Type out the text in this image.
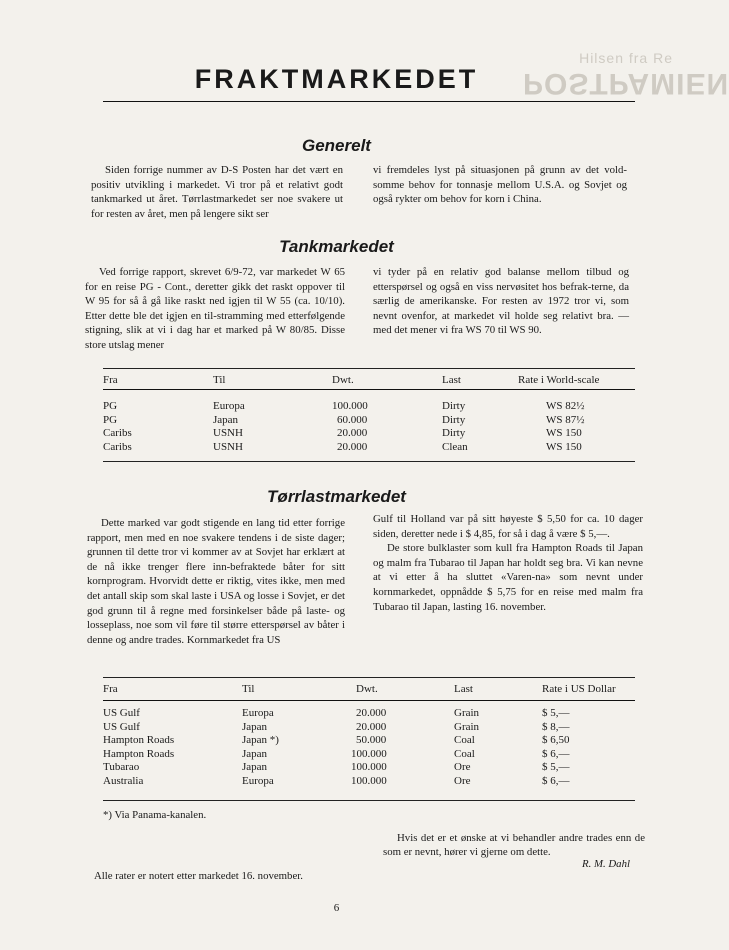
Hilsen fra Re
POSTPAMIEN
FRAKTMARKEDET
Generelt

Siden forrige nummer av D-S Posten har det vært en positiv utvikling i markedet. Vi tror på et relativt godt tankmarked ut året. Tørrlastmarkedet ser noe svakere ut for resten av året, men på lengere sikt ser

vi fremdeles lyst på situasjonen på grunn av det vold-somme behov for tonnasje mellom U.S.A. og Sovjet og også rykter om behov for korn i China.

Tankmarkedet

Ved forrige rapport, skrevet 6/9-72, var markedet W 65 for en reise PG - Cont., deretter gikk det raskt oppover til W 95 for så å gå like raskt ned igjen til W 55 (ca. 10/10). Etter dette ble det igjen en til-stramming med etterfølgende stigning, slik at vi i dag har et marked på W 80/85. Disse store utslag mener

vi tyder på en relativ god balanse mellom tilbud og etterspørsel og også en viss nervøsitet hos befrak-terne, da særlig de amerikanske. For resten av 1972 tror vi, som nevnt ovenfor, at markedet vil holde seg relativt bra. — med det mener vi fra WS 70 til WS 90.

Fra	Til	Dwt.	Last	Rate i World-scale
PG	Europa	100.000	Dirty	WS 82½
PG	Japan	60.000	Dirty	WS 87½
Caribs	USNH	20.000	Dirty	WS 150
Caribs	USNH	20.000	Clean	WS 150
Tørrlastmarkedet

Dette marked var godt stigende en lang tid etter forrige rapport, men med en noe svakere tendens i de siste dager; grunnen til dette tror vi kommer av at Sovjet har erklært at de nå ikke trenger flere inn-befraktede båter for sitt kornprogram. Hvorvidt dette er riktig, vites ikke, men med det antall skip som skal laste i USA og losse i Sovjet, er det god grunn til å regne med forsinkelser både på laste- og losseplass, noe som vil føre til større etterspørsel av båter i denne og andre trades. Kornmarkedet fra US

Gulf til Holland var på sitt høyeste $ 5,50 for ca. 10 dager siden, deretter nede i $ 4,85, for så i dag å være $ 5,—.

De store bulklaster som kull fra Hampton Roads til Japan og malm fra Tubarao til Japan har holdt seg bra. Vi kan nevne at vi etter å ha sluttet «Varen-na» som nevnt under kornmarkedet, oppnådde $ 5,75 for en reise med malm fra Tubarao til Japan, lasting 16. november.

Fra	Til	Dwt.	Last	Rate i US Dollar
US Gulf	Europa	20.000	Grain	$ 5,—
US Gulf	Japan	20.000	Grain	$ 8,—
Hampton Roads	Japan *)	50.000	Coal	$ 6,50
Hampton Roads	Japan	100.000	Coal	$ 6,—
Tubarao	Japan	100.000	Ore	$ 5,—
Australia	Europa	100.000	Ore	$ 6,—
*) Via Panama-kanalen.
Hvis det er et ønske at vi behandler andre trades enn de som er nevnt, hører vi gjerne om dette.
R. M. Dahl
Alle rater er notert etter markedet 16. november.
6
